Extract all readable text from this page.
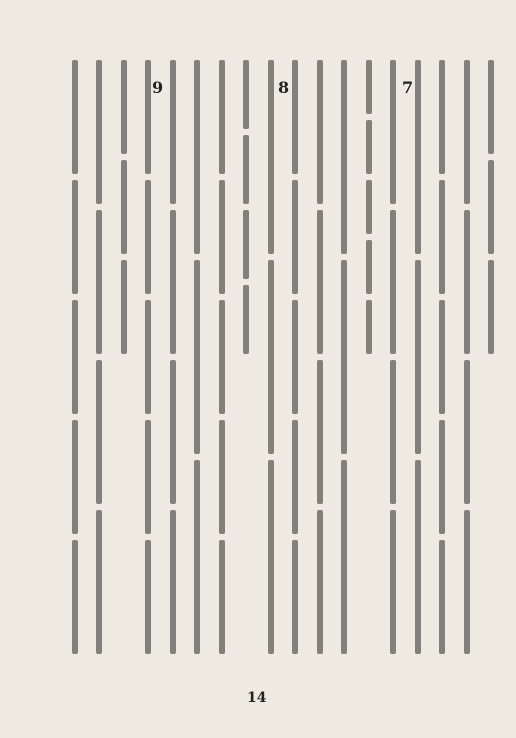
7
8
9
14
